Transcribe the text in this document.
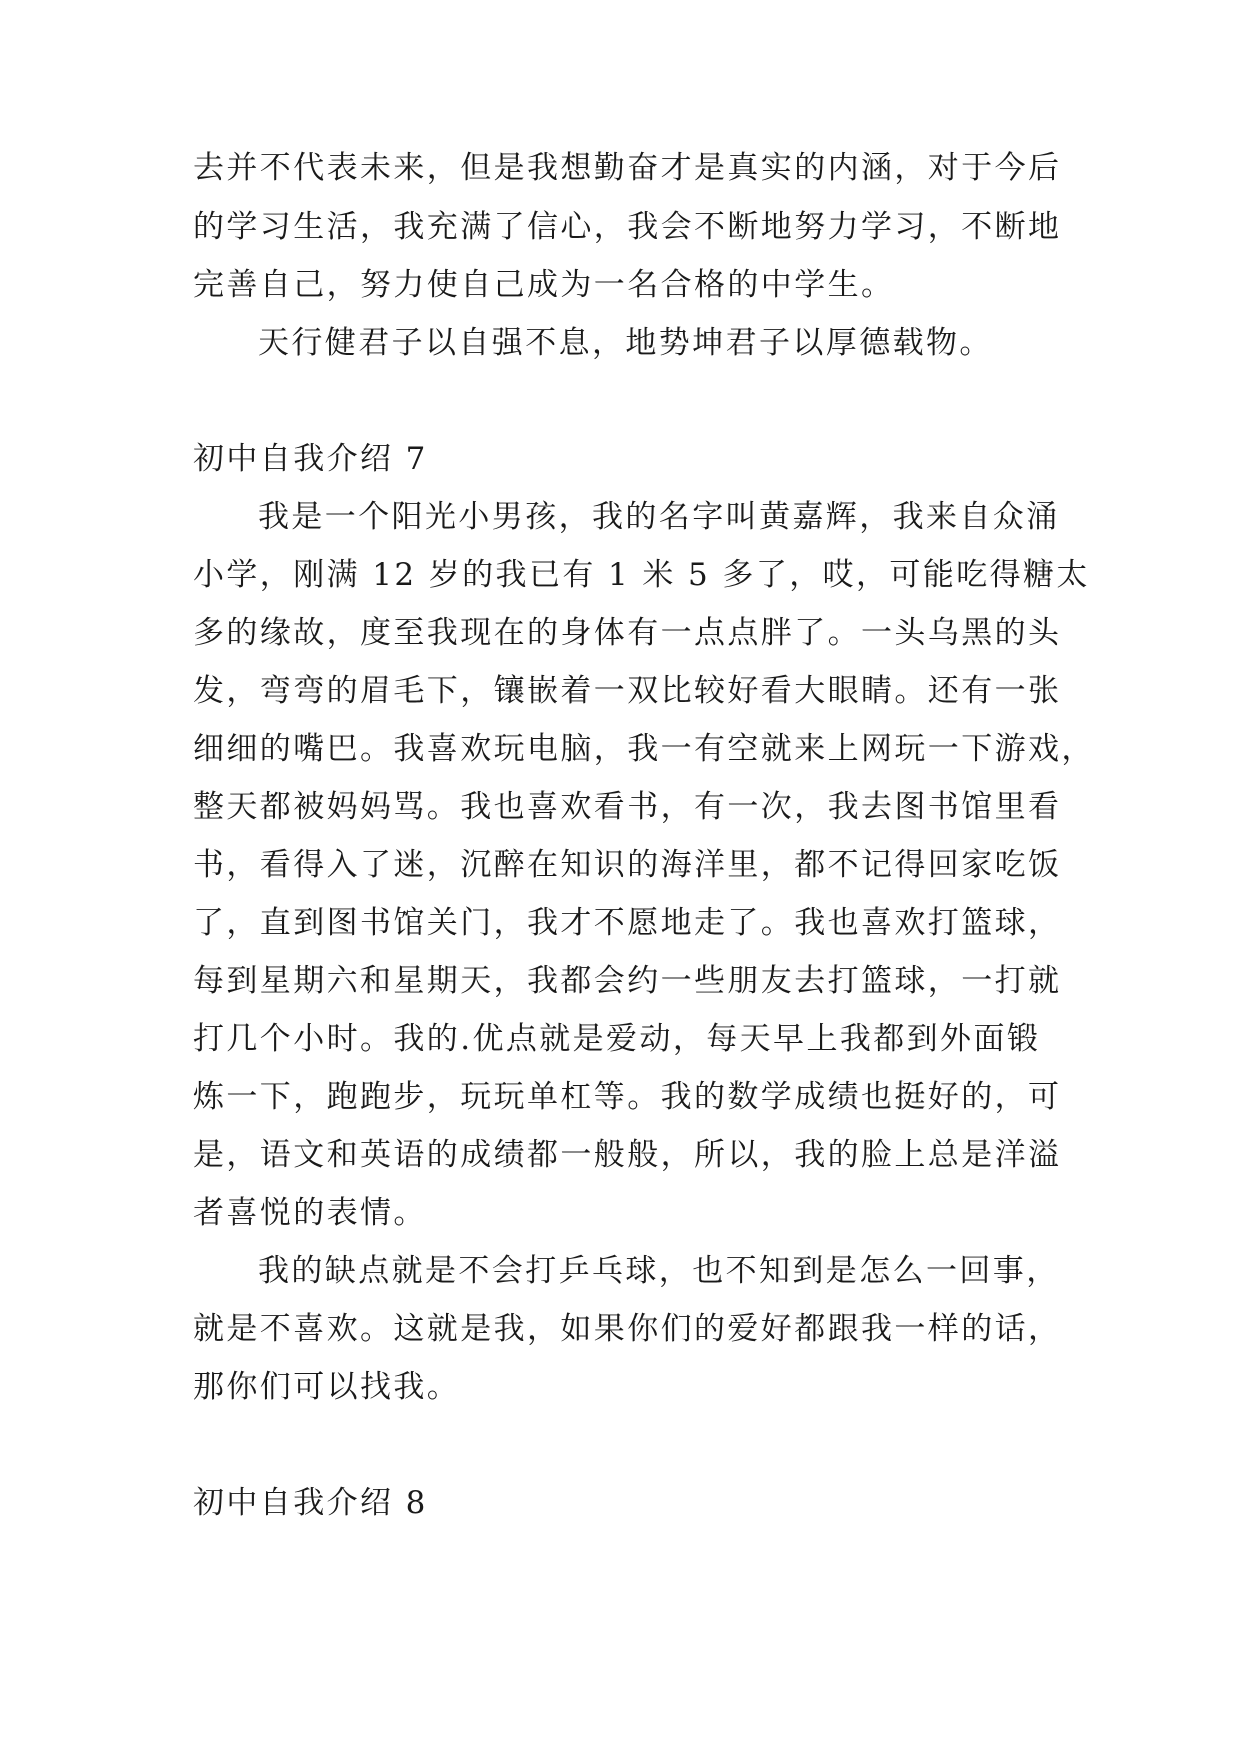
去并不代表未来，但是我想勤奋才是真实的内涵，对于今后
的学习生活，我充满了信心，我会不断地努力学习，不断地
完善自己，努力使自己成为一名合格的中学生。
天行健君子以自强不息，地势坤君子以厚德载物。
初中自我介绍 7
我是一个阳光小男孩，我的名字叫黄嘉辉，我来自众涌
小学，刚满 12 岁的我已有 1 米 5 多了，哎，可能吃得糖太
多的缘故，度至我现在的身体有一点点胖了。一头乌黑的头
发，弯弯的眉毛下，镶嵌着一双比较好看大眼睛。还有一张
细细的嘴巴。我喜欢玩电脑，我一有空就来上网玩一下游戏，
整天都被妈妈骂。我也喜欢看书，有一次，我去图书馆里看
书，看得入了迷，沉醉在知识的海洋里，都不记得回家吃饭
了，直到图书馆关门，我才不愿地走了。我也喜欢打篮球，
每到星期六和星期天，我都会约一些朋友去打篮球，一打就
打几个小时。我的.优点就是爱动，每天早上我都到外面锻
炼一下，跑跑步，玩玩单杠等。我的数学成绩也挺好的，可
是，语文和英语的成绩都一般般，所以，我的脸上总是洋溢
者喜悦的表情。
我的缺点就是不会打乒乓球，也不知到是怎么一回事，
就是不喜欢。这就是我，如果你们的爱好都跟我一样的话，
那你们可以找我。
初中自我介绍 8
